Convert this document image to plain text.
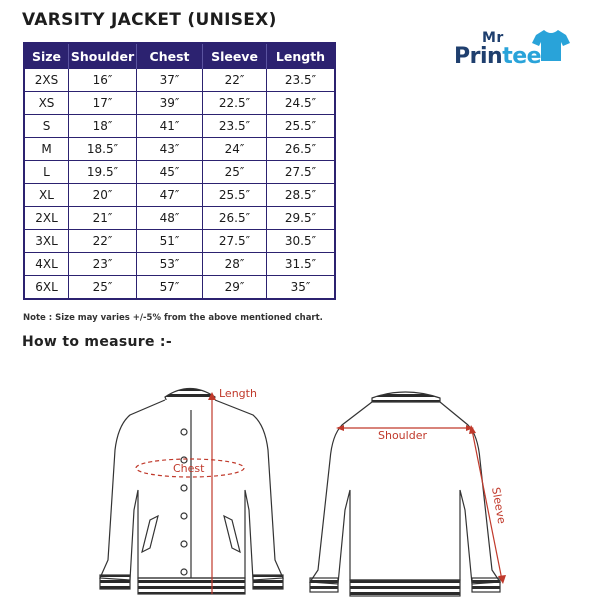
VARSITY JACKET (UNISEX)
Mr
Printee
Size	Shoulder	Chest	Sleeve	Length
2XS	16″	37″	22″	23.5″
XS	17″	39″	22.5″	24.5″
S	18″	41″	23.5″	25.5″
M	18.5″	43″	24″	26.5″
L	19.5″	45″	25″	27.5″
XL	20″	47″	25.5″	28.5″
2XL	21″	48″	26.5″	29.5″
3XL	22″	51″	27.5″	30.5″
4XL	23″	53″	28″	31.5″
6XL	25″	57″	29″	35″
Note : Size may varies +/-5% from the above mentioned chart.
How to measure :-
Length
Chest
Shoulder
Sleeve
